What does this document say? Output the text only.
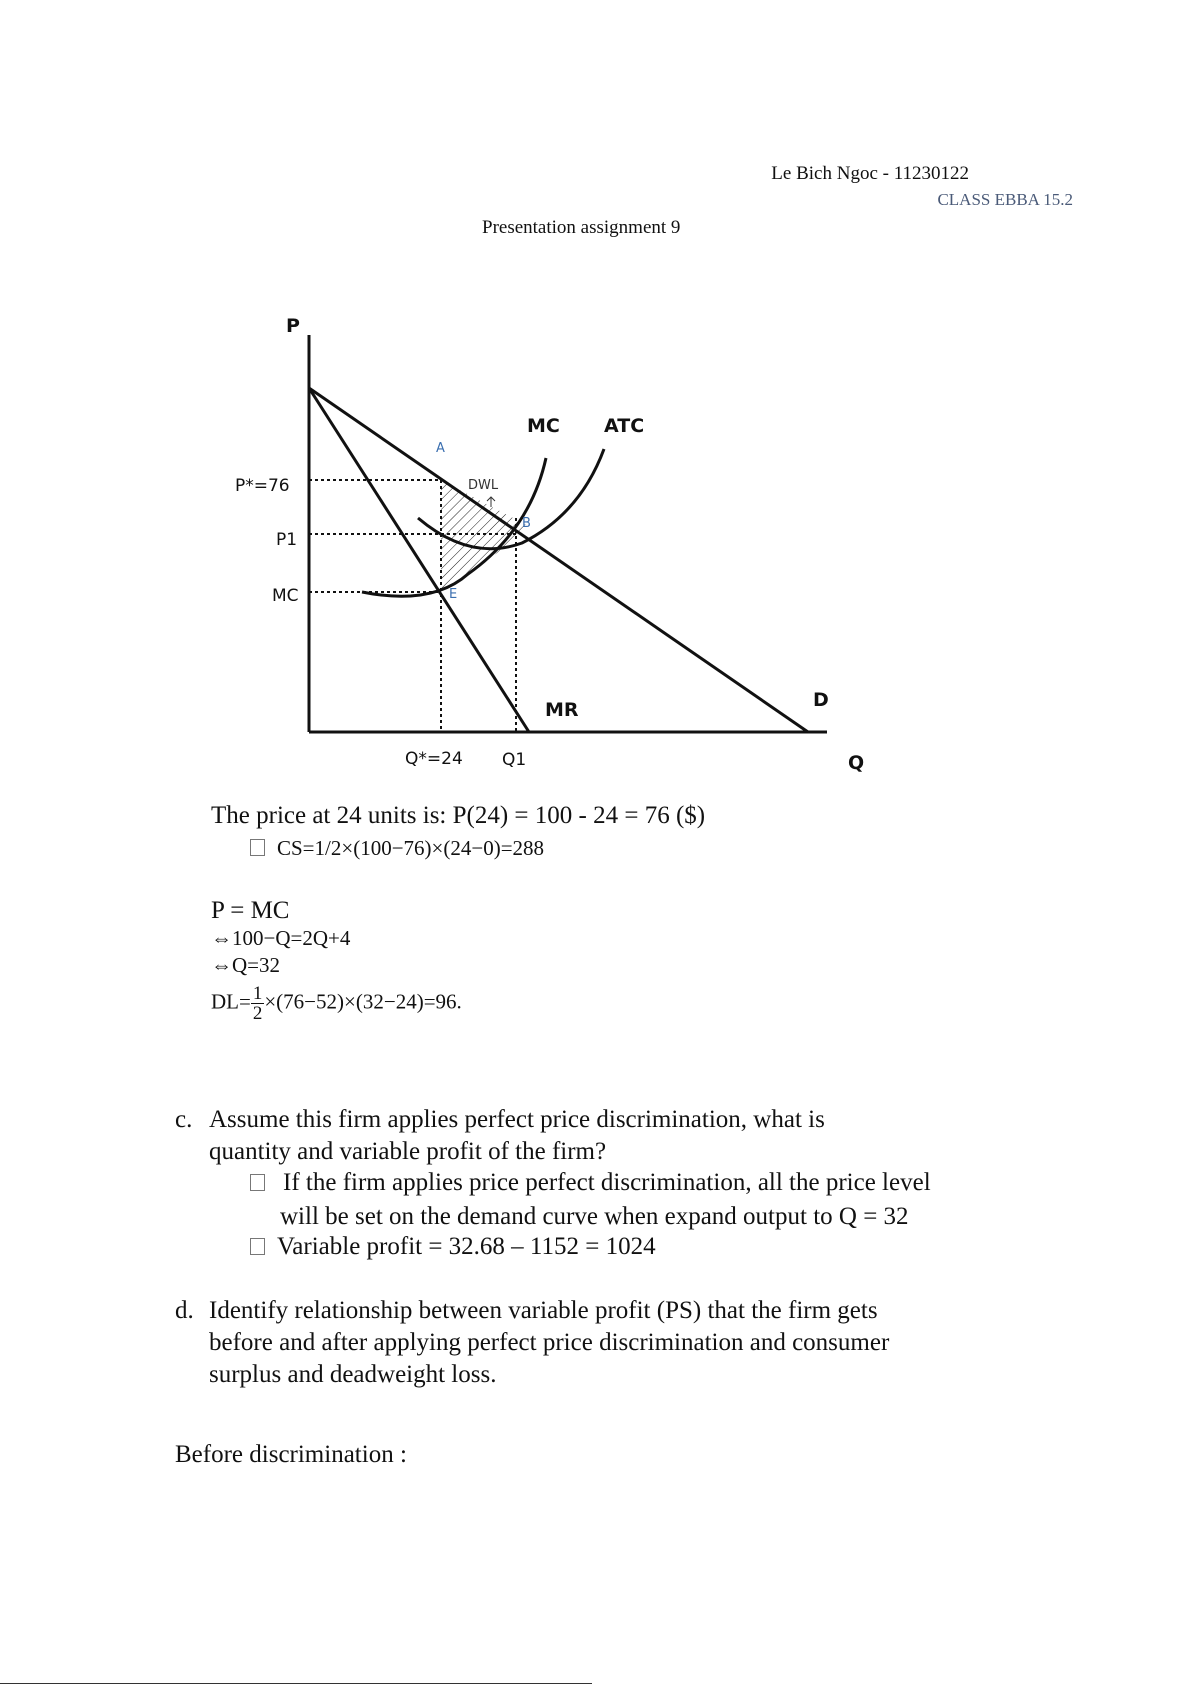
Le Bich Ngoc - 11230122
CLASS EBBA 15.2
Presentation assignment 9
P
Q
P*=76
P1
MC
Q*=24 Q1
MC ATC
MR	D
A
B
E
DWL
The price at 24 units is: P(24) = 100 - 24 = 76 ($)
CS=1/2×(100−76)×(24−0)=288
P = MC
⇔100−Q=2Q+4
⇔Q=32
$DL= \frac{1}{2} \times(76-52)\times(32-24)=96$.
c. Assume this firm applies perfect price discrimination, what is
quantity and variable profit of the firm?
If the firm applies price perfect discrimination, all the price level
will be set on the demand curve when expand output to Q = 32
Variable profit = 32.68 – 1152 = 1024
d. Identify relationship between variable profit (PS) that the firm gets
before and after applying perfect price discrimination and consumer
surplus and deadweight loss.
Before discrimination :
